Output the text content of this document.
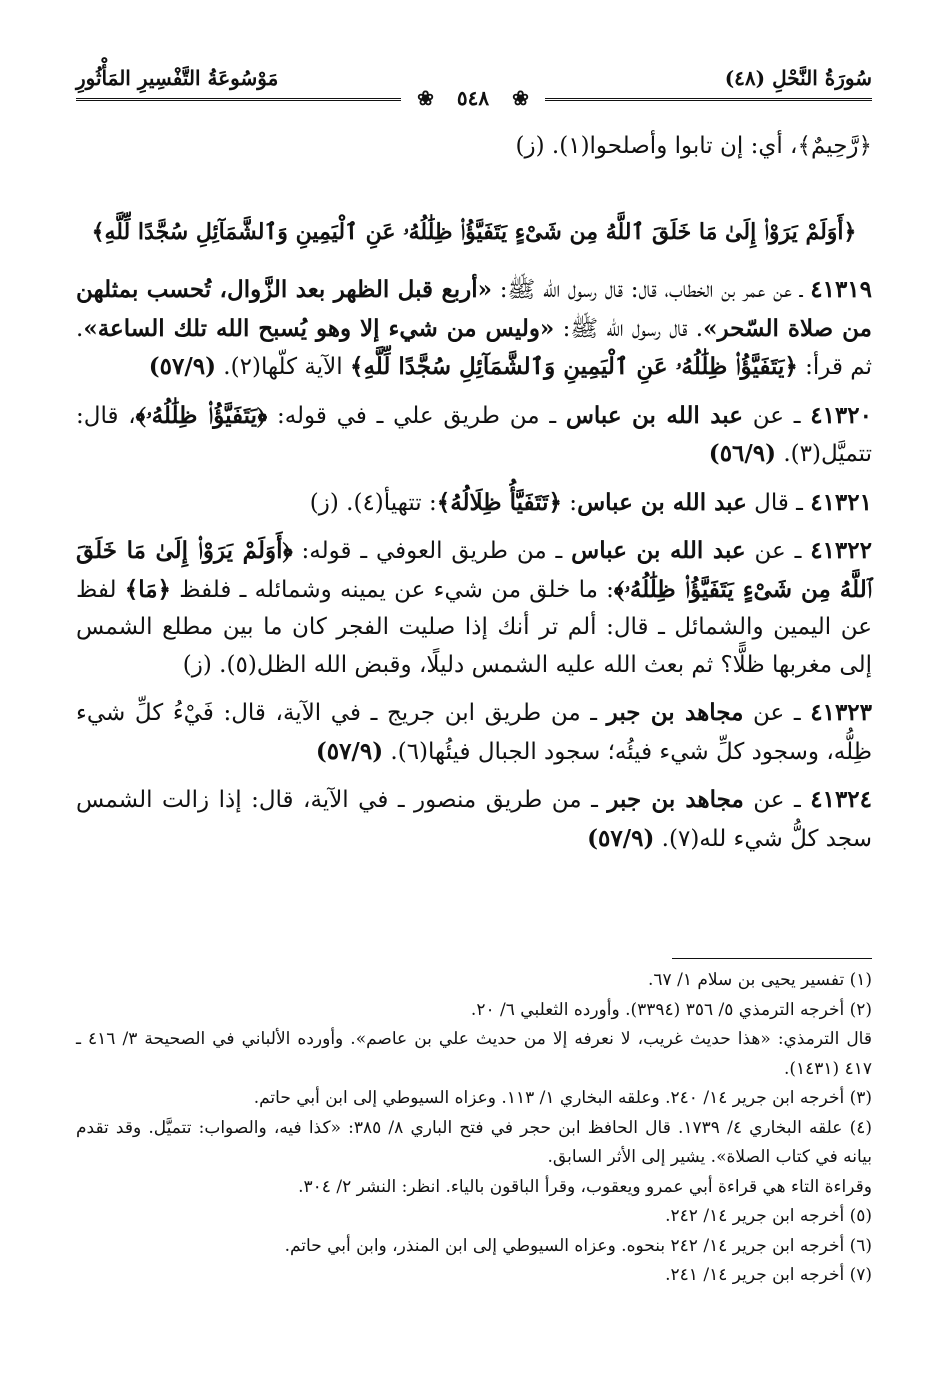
سُورَةُ النَّحْلِ (٤٨)
مَوْسُوعَةُ التَّفْسِيرِ المَأْثُورِ
❀ ٥٤٨ ❀

﴿رَّحِيمٌ﴾، أي: إن تابوا وأصلحوا(١). (ز)

﴿أَوَلَمْ يَرَوْا۟ إِلَىٰ مَا خَلَقَ ٱللَّهُ مِن شَىْءٍ يَتَفَيَّؤُا۟ ظِلَٰلُهُۥ عَنِ ٱلْيَمِينِ وَٱلشَّمَآئِلِ سُجَّدًا لِّلَّهِ﴾

٤١٣١٩ ـ عن عمر بن الخطاب، قال: قال رسول الله ﷺ: «أربع قبل الظهر بعد الزَّوال، تُحسب بمثلهن من صلاة السّحر». قال رسول الله ﷺ: «وليس من شيء إلا وهو يُسبح الله تلك الساعة». ثم قرأ: ﴿يَتَفَيَّؤُا۟ ظِلَٰلُهُۥ عَنِ ٱلْيَمِينِ وَٱلشَّمَآئِلِ سُجَّدًا لِّلَّهِ﴾ الآية كلّها(٢). (٥٧/٩)

٤١٣٢٠ ـ عن عبد الله بن عباس ـ من طريق علي ـ في قوله: ﴿يَتَفَيَّؤُا۟ ظِلَٰلُهُۥ﴾، قال: تتميَّل(٣). (٥٦/٩)

٤١٣٢١ ـ قال عبد الله بن عباس: ﴿تَتَفَيَّأُ ظِلَالُهُ﴾: تتهيأ(٤). (ز)

٤١٣٢٢ ـ عن عبد الله بن عباس ـ من طريق العوفي ـ قوله: ﴿أَوَلَمْ يَرَوْا۟ إِلَىٰ مَا خَلَقَ ٱللَّهُ مِن شَىْءٍ يَتَفَيَّؤُا۟ ظِلَٰلُهُۥ﴾: ما خلق من شيء عن يمينه وشمائله ـ فلفظ ﴿مَا﴾ لفظ عن اليمين والشمائل ـ قال: ألم تر أنك إذا صليت الفجر كان ما بين مطلع الشمس إلى مغربها ظلًّا؟ ثم بعث الله عليه الشمس دليلًا، وقبض الله الظل(٥). (ز)

٤١٣٢٣ ـ عن مجاهد بن جبر ـ من طريق ابن جريج ـ في الآية، قال: فَيْءُ كلِّ شيء ظِلُّه، وسجود كلِّ شيء فيئُه؛ سجود الجبال فيئُها(٦). (٥٧/٩)

٤١٣٢٤ ـ عن مجاهد بن جبر ـ من طريق منصور ـ في الآية، قال: إذا زالت الشمس سجد كلُّ شيء لله(٧). (٥٧/٩)

(١) تفسير يحيى بن سلام ١/ ٦٧.

(٢) أخرجه الترمذي ٥/ ٣٥٦ (٣٣٩٤). وأورده الثعلبي ٦/ ٢٠.

قال الترمذي: «هذا حديث غريب، لا نعرفه إلا من حديث علي بن عاصم». وأورده الألباني في الصحيحة ٣/ ٤١٦ ـ ٤١٧ (١٤٣١).

(٣) أخرجه ابن جرير ١٤/ ٢٤٠. وعلقه البخاري ١/ ١١٣. وعزاه السيوطي إلى ابن أبي حاتم.

(٤) علقه البخاري ٤/ ١٧٣٩. قال الحافظ ابن حجر في فتح الباري ٨/ ٣٨٥: «كذا فيه، والصواب: تتميَّل. وقد تقدم بيانه في كتاب الصلاة». يشير إلى الأثر السابق.

وقراءة التاء هي قراءة أبي عمرو ويعقوب، وقرأ الباقون بالياء. انظر: النشر ٢/ ٣٠٤.

(٥) أخرجه ابن جرير ١٤/ ٢٤٢.

(٦) أخرجه ابن جرير ١٤/ ٢٤٢ بنحوه. وعزاه السيوطي إلى ابن المنذر، وابن أبي حاتم.

(٧) أخرجه ابن جرير ١٤/ ٢٤١.
